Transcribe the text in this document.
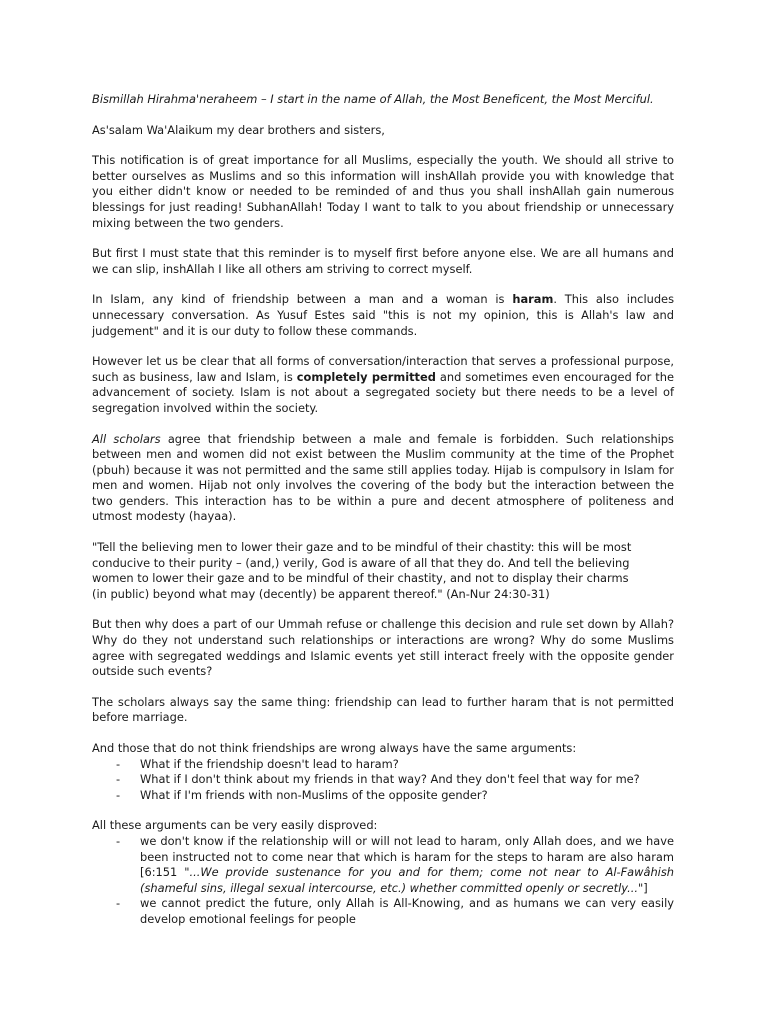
Bismillah Hirahma'neraheem – I start in the name of Allah, the Most Beneficent, the Most Merciful.

As'salam Wa'Alaikum my dear brothers and sisters,

This notification is of great importance for all Muslims, especially the youth. We should all strive to better ourselves as Muslims and so this information will inshAllah provide you with knowledge that you either didn't know or needed to be reminded of and thus you shall inshAllah gain numerous blessings for just reading! SubhanAllah! Today I want to talk to you about friendship or unnecessary mixing between the two genders.

But first I must state that this reminder is to myself first before anyone else. We are all humans and we can slip, inshAllah I like all others am striving to correct myself.

In Islam, any kind of friendship between a man and a woman is haram. This also includes unnecessary conversation. As Yusuf Estes said "this is not my opinion, this is Allah's law and judgement" and it is our duty to follow these commands.

However let us be clear that all forms of conversation/interaction that serves a professional purpose, such as business, law and Islam, is completely permitted and sometimes even encouraged for the advancement of society. Islam is not about a segregated society but there needs to be a level of segregation involved within the society.

All scholars agree that friendship between a male and female is forbidden. Such relationships between men and women did not exist between the Muslim community at the time of the Prophet (pbuh) because it was not permitted and the same still applies today. Hijab is compulsory in Islam for men and women. Hijab not only involves the covering of the body but the interaction between the two genders. This interaction has to be within a pure and decent atmosphere of politeness and utmost modesty (hayaa).

"Tell the believing men to lower their gaze and to be mindful of their chastity: this will be most conducive to their purity – (and,) verily, God is aware of all that they do. And tell the believing women to lower their gaze and to be mindful of their chastity, and not to display their charms (in public) beyond what may (decently) be apparent thereof." (An-Nur 24:30-31)

But then why does a part of our Ummah refuse or challenge this decision and rule set down by Allah? Why do they not understand such relationships or interactions are wrong? Why do some Muslims agree with segregated weddings and Islamic events yet still interact freely with the opposite gender outside such events?

The scholars always say the same thing: friendship can lead to further haram that is not permitted before marriage.

And those that do not think friendships are wrong always have the same arguments:

- What if the friendship doesn't lead to haram?
- What if I don't think about my friends in that way? And they don't feel that way for me?
- What if I'm friends with non-Muslims of the opposite gender?

All these arguments can be very easily disproved:

- we don't know if the relationship will or will not lead to haram, only Allah does, and we have been instructed not to come near that which is haram for the steps to haram are also haram [6:151 "...We provide sustenance for you and for them; come not near to Al-Fawâhish (shameful sins, illegal sexual intercourse, etc.) whether committed openly or secretly..."]
- we cannot predict the future, only Allah is All-Knowing, and as humans we can very easily develop emotional feelings for people
